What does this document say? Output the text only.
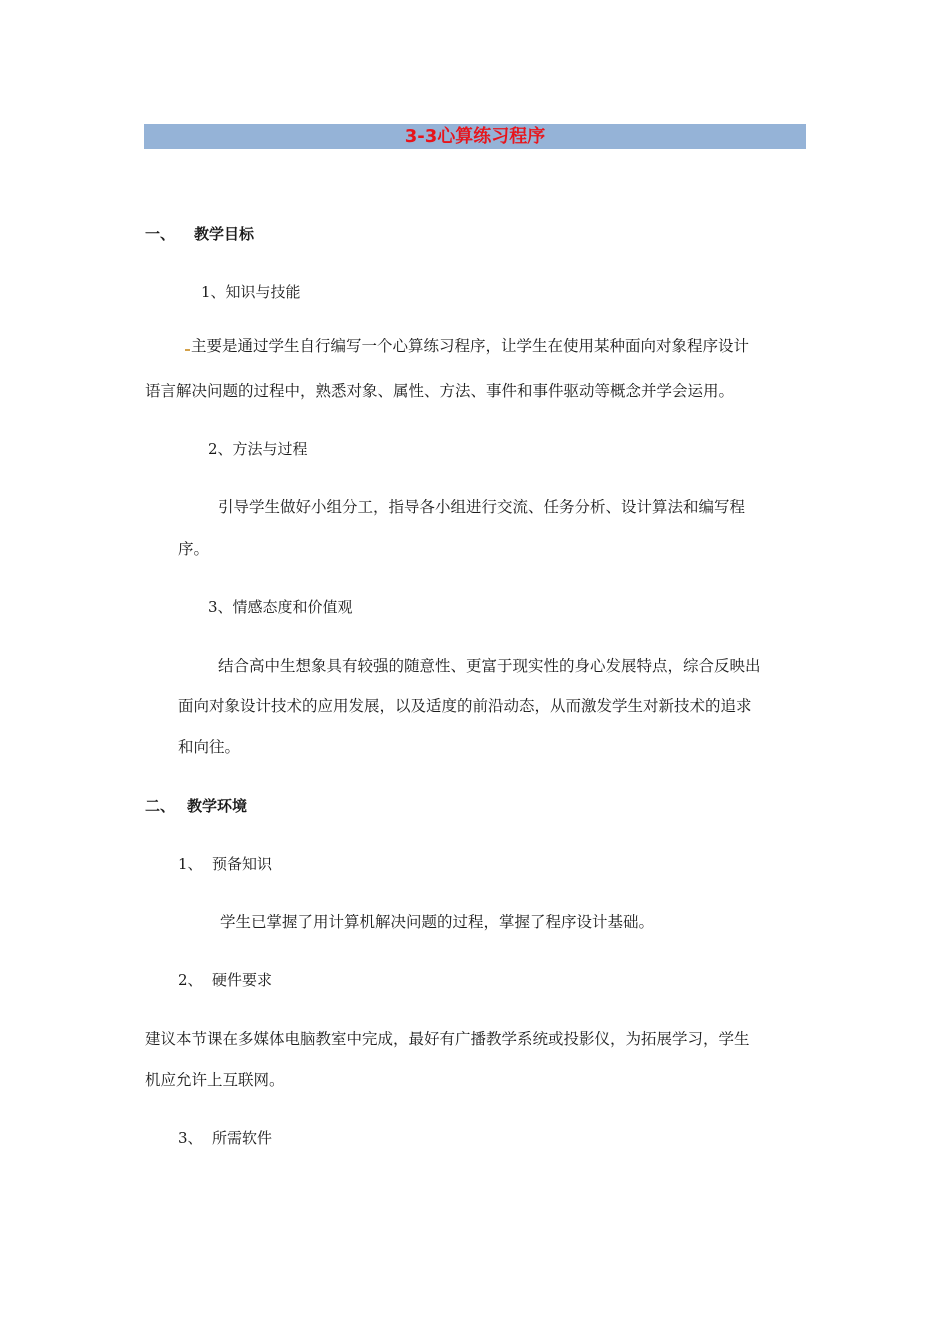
3-3心算练习程序
一、 教学目标
1、知识与技能
主要是通过学生自行编写一个心算练习程序，让学生在使用某种面向对象程序设计
语言解决问题的过程中，熟悉对象、属性、方法、事件和事件驱动等概念并学会运用。
2、方法与过程
引导学生做好小组分工，指导各小组进行交流、任务分析、设计算法和编写程
序。
3、情感态度和价值观
结合高中生想象具有较强的随意性、更富于现实性的身心发展特点，综合反映出
面向对象设计技术的应用发展，以及适度的前沿动态，从而激发学生对新技术的追求
和向往。
二、 教学环境
1、 预备知识
学生已掌握了用计算机解决问题的过程，掌握了程序设计基础。
2、 硬件要求
建议本节课在多媒体电脑教室中完成，最好有广播教学系统或投影仪，为拓展学习，学生
机应允许上互联网。
3、 所需软件
